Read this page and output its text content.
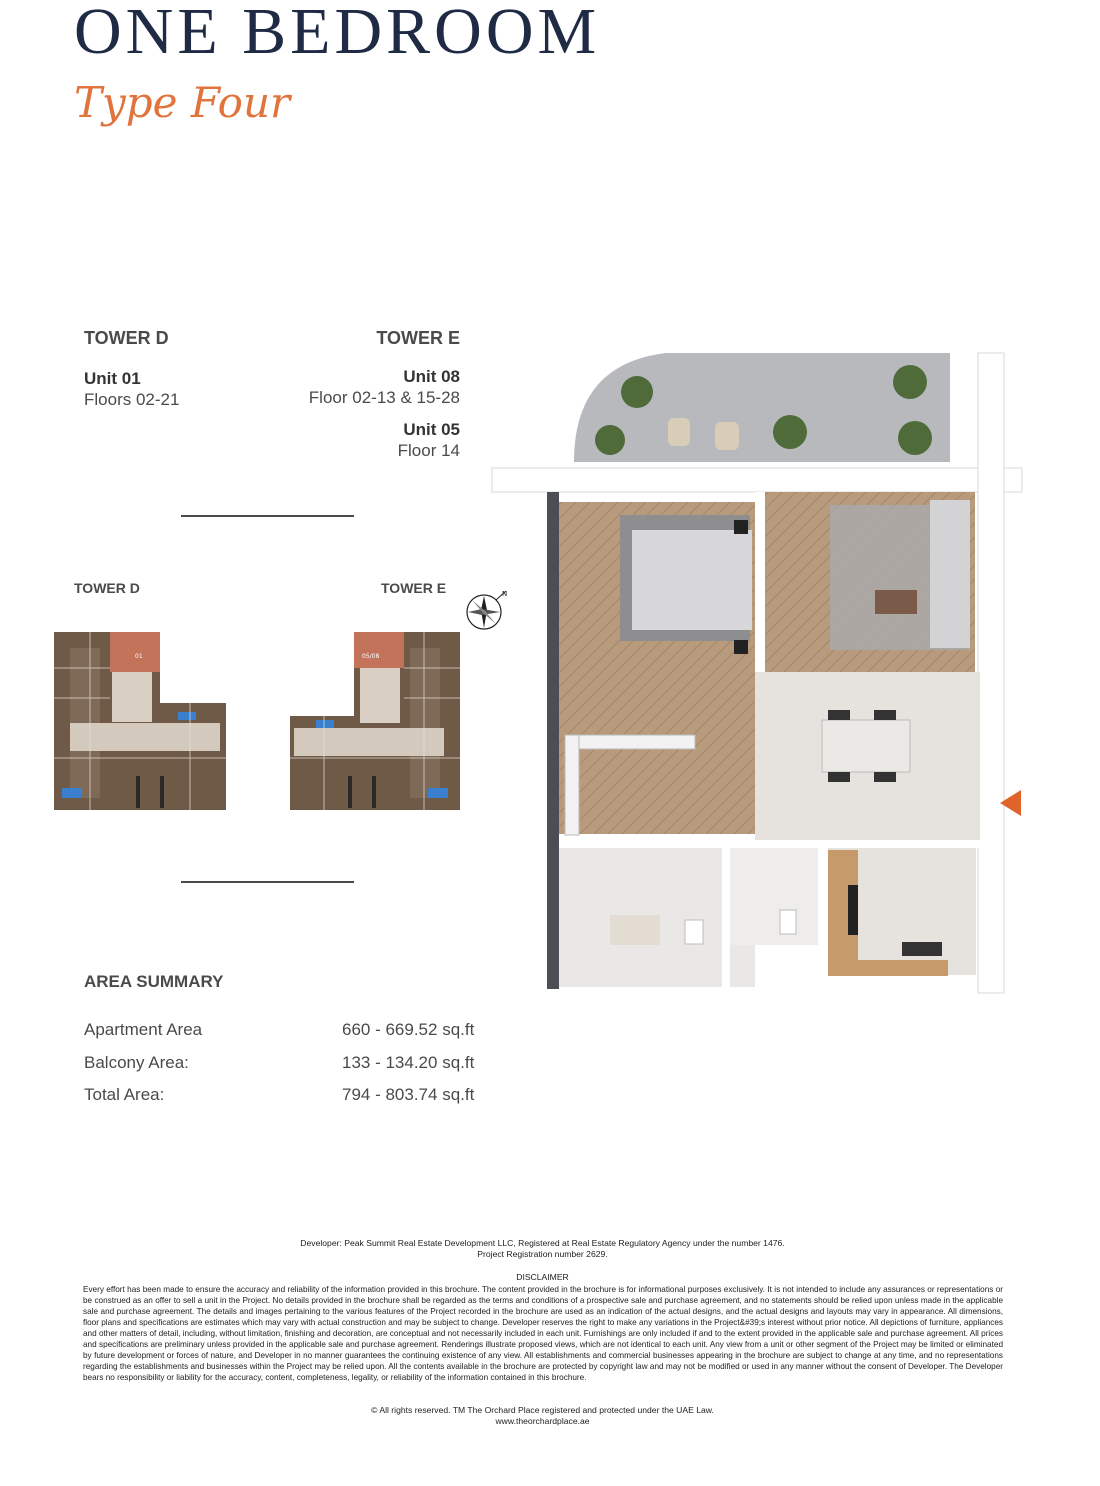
ONE BEDROOM
Type Four
TOWER D
Unit 01
Floors 02-21
TOWER E
Unit 08
Floor 02-13 & 15-28
Unit 05
Floor 14
TOWER D	TOWER E	N
01	05/08
AREA SUMMARY
Apartment Area	660 - 669.52 sq.ft
Balcony Area:	133 - 134.20 sq.ft
Total Area:	794 - 803.74 sq.ft
Developer: Peak Summit Real Estate Development LLC, Registered at Real Estate Regulatory Agency under the number 1476.
Project Registration number 2629.
DISCLAIMER
Every effort has been made to ensure the accuracy and reliability of the information provided in this brochure. The content provided in the brochure is for informational purposes exclusively. It is not intended to include any assurances or representations or be construed as an offer to sell a unit in the Project. No details provided in the brochure shall be regarded as the terms and conditions of a prospective sale and purchase agreement, and no statements should be relied upon unless made in the applicable sale and purchase agreement. The details and images pertaining to the various features of the Project recorded in the brochure are used as an indication of the actual designs, and the actual designs and layouts may vary in appearance. All dimensions, floor plans and specifications are estimates which may vary with actual construction and may be subject to change. Developer reserves the right to make any variations in the Project&#39;s interest without prior notice. All depictions of furniture, appliances and other matters of detail, including, without limitation, finishing and decoration, are conceptual and not necessarily included in each unit. Furnishings are only included if and to the extent provided in the applicable sale and purchase agreement. All prices and specifications are preliminary unless provided in the applicable sale and purchase agreement. Renderings illustrate proposed views, which are not identical to each unit. Any view from a unit or other segment of the Project may be limited or eliminated by future development or forces of nature, and Developer in no manner guarantees the continuing existence of any view. All establishments and commercial businesses appearing in the brochure are subject to change at any time, and no representations regarding the establishments and businesses within the Project may be relied upon. All the contents available in the brochure are protected by copyright law and may not be modified or used in any manner without the consent of Developer. The Developer bears no responsibility or liability for the accuracy, content, completeness, legality, or reliability of the information contained in this brochure.
© All rights reserved. TM The Orchard Place registered and protected under the UAE Law.
www.theorchardplace.ae
